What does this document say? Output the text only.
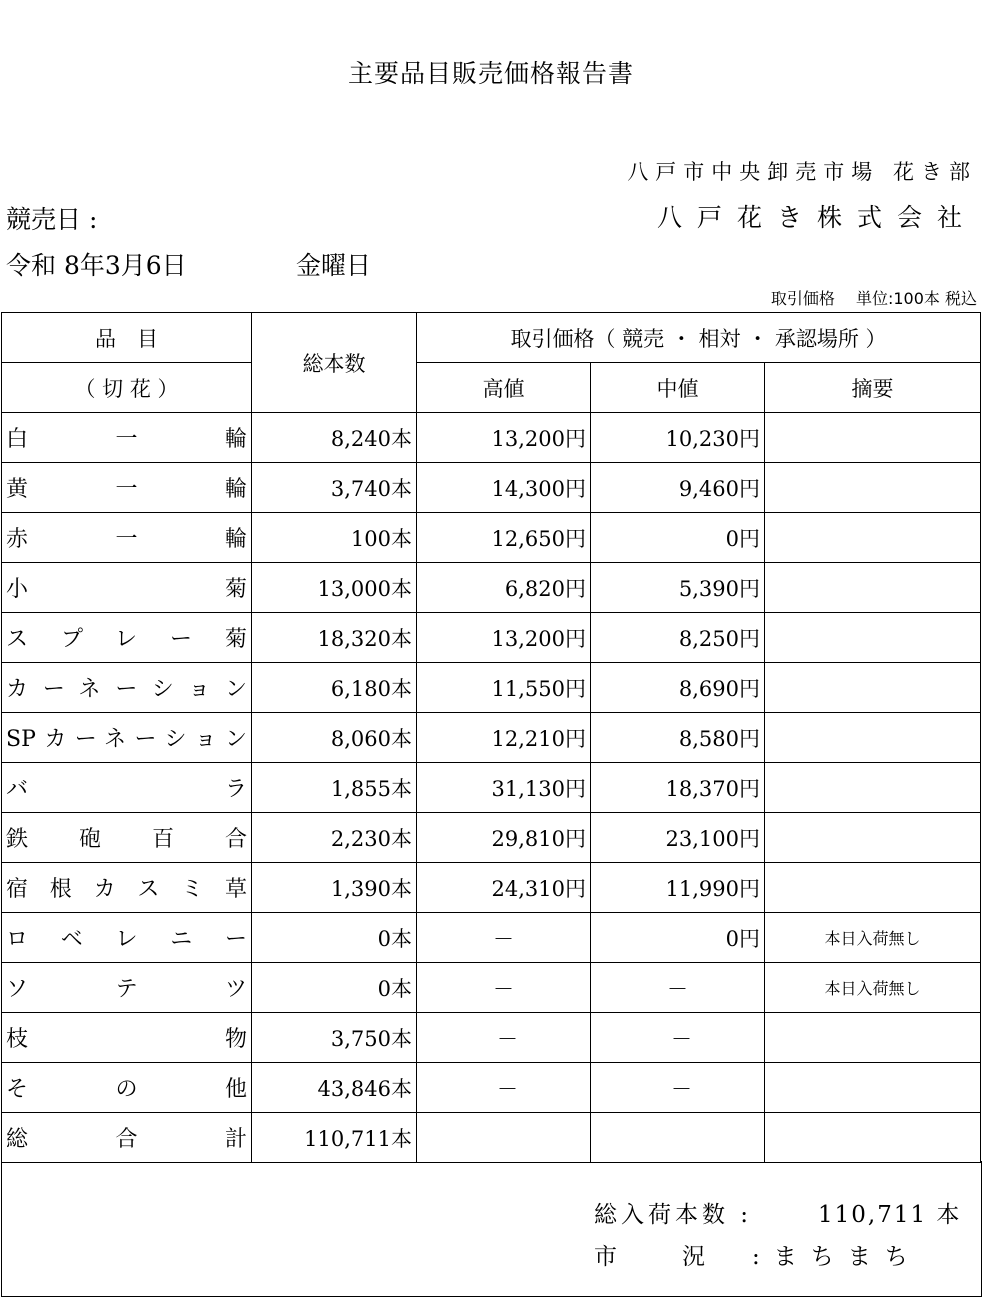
主要品目販売価格報告書
八戸市中央卸売市場 花き部
競売日 :	八戸花き株式会社
令和 8年3月6日	金曜日
取引価格　 単位:100本 税込
品　目	総本数	取引価格（ 競売 ・ 相対 ・ 承認場所 ）		
（ 切 花 ）		高値	中値	摘要

白一輪	8,240本	13,200円	10,230円	

黄一輪	3,740本	14,300円	9,460円	

赤一輪	100本	12,650円	0円	

小菊	13,000本	6,820円	5,390円	

スプレー菊	18,320本	13,200円	8,250円	

カーネーション	6,180本	11,550円	8,690円	

SPカーネーション	8,060本	12,210円	8,580円	

バラ	1,855本	31,130円	18,370円	

鉄砲百合	2,230本	29,810円	23,100円	

宿根カスミ草	1,390本	24,310円	11,990円	

ロベレニー	0本	－	0円	本日入荷無し

ソテツ	0本	－	－	本日入荷無し

枝物	3,750本	－	－	

その他	43,846本	－	－	

総合計	110,711本			
総入荷本数 :	110,711 本
市	況 :まちまち
